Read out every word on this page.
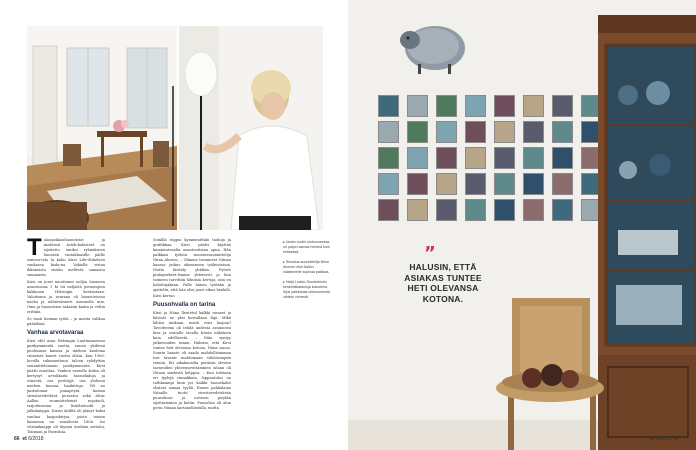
Talonpoikaishuoneistot ja modernit Artek-kalusteet on sijoitettu omiksi ryhmikseen huoneen vastakkaisille päille sanoen-talo la kaliu Kirsi Lihr-Kokelaen vankaesa koda-na. Vakiolle virtaa ikkunoista sisään mellestä samaista suunnasta.

Kirsi on juuri muuttanut neljän huoneen asuntoonsa 1 ki töi neljästä pienoisgien kakkosen Helsingin keskustaan. Valoitsana ja avarana oli huoneistossa mielsi ja nähtävänneet asunnolla mm. Oma ja huoneiston takaisin kanta ja veltin erittäin.

Se vaati hieman työtä – ja monta valikoa päätöksiä.

Vanhaa arvotavaraa

Kirsi ehti asua Helsingin Lauttasaaressa parikymmentä vuotta, ennen yhdessä puolisonsa kanssa ja miehen kuolema viimeiset kaavit vuotta ollein. Kun 1960-luvulla rakennettuun taloon ryhdyttiin suunnittelemaan parikymmentä. Kirsi päätti muuttaa. Vanhen varsella kotiin oli kertynyt arvokkaita huonekaluja ja esineitä, osa perittyjä, osa yhdessä miehen kanssa hankittuja. Oli no paitsitomat punapöytä, komea sivustavedettävä puuseiva sekä Alvar Aallon suunnittelemat nojatuoli, tarjoiluvaunu ja lisäelintuolit ja jalkalamppu. Kirsin äidiltä oli jäänyt kaksi vanhaa kaapiokirjoa, joista toinen kannessa on vanoilusta 1806. Iso vitriinikaappi oli täynnä Arabian astioita, Toinman ja Paratiisia.

Seinillä riippui kymmenittäin tauluja ja grafiikkaa. Kirsi päätti käyttää kamintarvaalta asuntonttiaan apua. Hän palkkasi työhön sisustussuunnittelija Niina Ahosen. – Olimme tavanneet Niinan kanssa joskus ohimennen työkuvioissa. Mutta kiistely yhtäkin. Pyöröt pintaperkeet-lemme yhteisesti ja kun toimeen tarvittiin lukuisia kertoja, niin en haluttujakaan. Palle hänen työtään ja ajatteltu, että hän olisi juuri oikea henkilö, Kirsi kertoo.

Puusohvalla on tarina

Kirsi ja Niina lleutetul kalkki esineet ja kävivät ne yksi kerrallaan läpi. Mikä lähtisi mukaan, mistä voisi luopua? Tavoitteena oli tehdä uudesta asunnosta kiva ja sentalle tavalla Kirsin näköinen kuin edellisestä. – Näin syntyy jatkuvuuden tunnu. Halusin, että Kirsi tuntee heti olevansa kotona, Niina sanoo. Suurin haaste oli saada mahdollisimman isot tavarat mahtumaan vähäisempiin seiniin. Eri aikakausilta peräisin olevien tavaroiden yhteensovittaminen sitaan oli Niinan mielestä helppoa. – Kun tuletaan eri tyylejä rinnakkain, loppuntulos on rathkaampi kuin jos kaikki huonekalut olisivat samaa tyyliä. Ennen pahkalaiaa Niinalle tuotti sivustavedettävän puusohvan ja uusioon pöydän sijoittaminen ja kotiin. Puusohva oli alun perin Niinan kartanolliistulla, mutta

▸ Uuden kodin olohuoneessa on paljon samaa henkeä kuin entisessä.

▸ Sisustus-suunnittelija Niina Ahonen etsii Aallon valaisimelle sopivaa paikkaa.

▸ Heljä Liukko-Sundströmin keramiikkatauluja kokoelma löysi paikkansa olohuoneesta vitriinin vierestä.

66 et 6/2018
”
HALUSIN, ETTÄ ASIAKAS TUNTEE HETI OLEVANSA KOTONA.
et 6/2018 67
